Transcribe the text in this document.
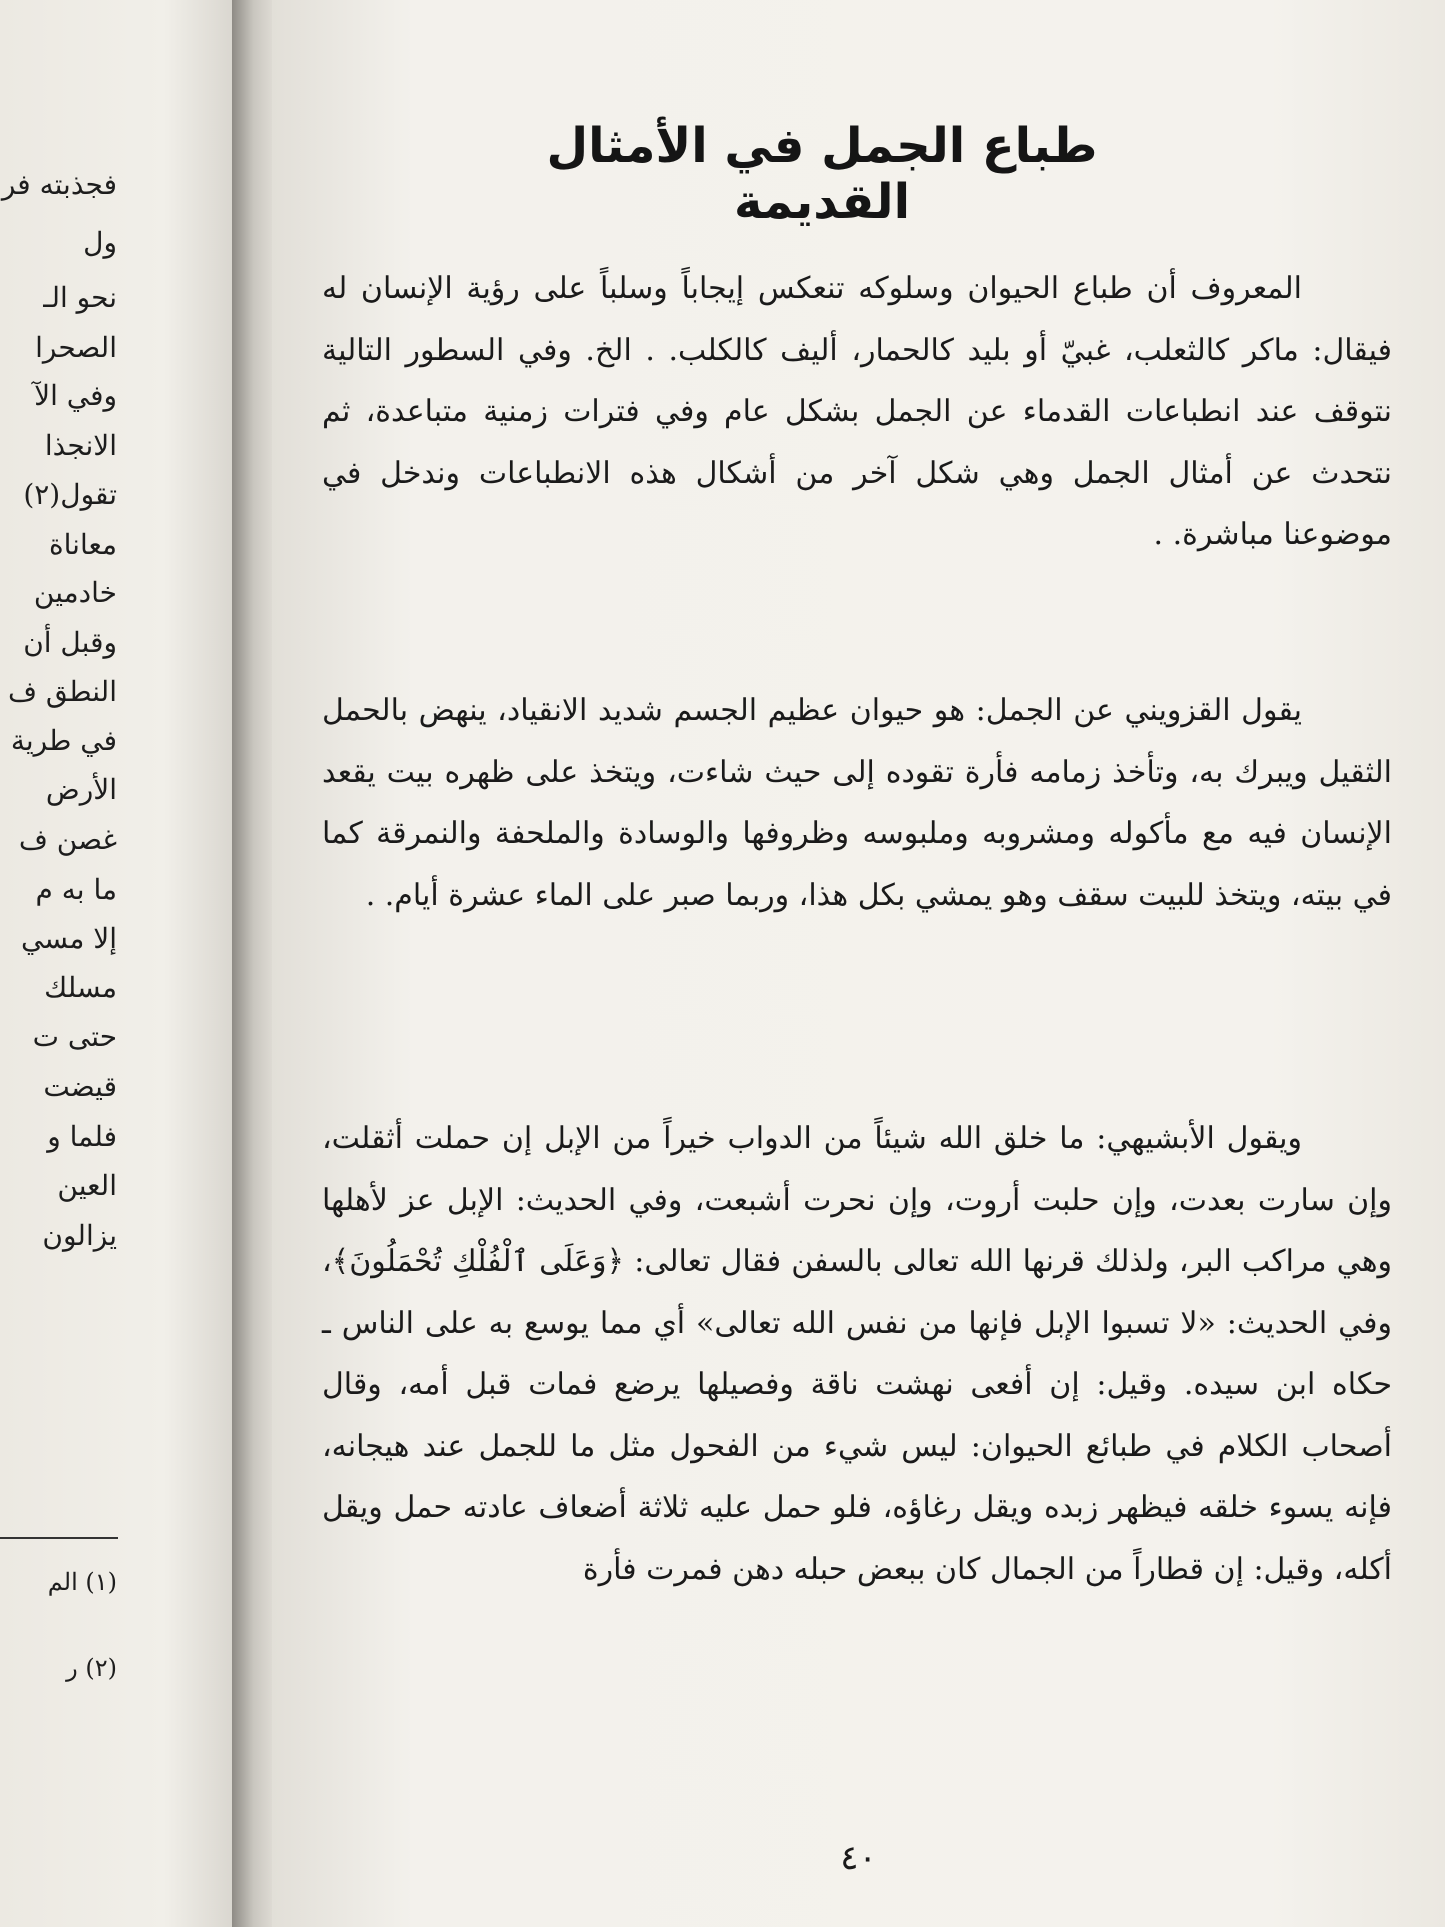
فجذبته فر
ول
نحو الـ
الصحرا
وفي الآ
الانجذا
تقول(٢)
معاناة
خادمين
وقبل أن
النطق ف
في طرية
الأرض
غصن ف
ما به م
إلا مسي
مسلك
حتى ت
قيضت
فلما و
العين
يزالون
(١) الم
(٢) ر
طباع الجمل في الأمثال القديمة

المعروف أن طباع الحيوان وسلوكه تنعكس إيجاباً وسلباً على رؤية الإنسان له فيقال: ماكر كالثعلب، غبيّ أو بليد كالحمار، أليف كالكلب. . الخ. وفي السطور التالية نتوقف عند انطباعات القدماء عن الجمل بشكل عام وفي فترات زمنية متباعدة، ثم نتحدث عن أمثال الجمل وهي شكل آخر من أشكال هذه الانطباعات وندخل في موضوعنا مباشرة. .

يقول القزويني عن الجمل: هو حيوان عظيم الجسم شديد الانقياد، ينهض بالحمل الثقيل ويبرك به، وتأخذ زمامه فأرة تقوده إلى حيث شاءت، ويتخذ على ظهره بيت يقعد الإنسان فيه مع مأكوله ومشروبه وملبوسه وظروفها والوسادة والملحفة والنمرقة كما في بيته، ويتخذ للبيت سقف وهو يمشي بكل هذا، وربما صبر على الماء عشرة أيام. .

ويقول الأبشيهي: ما خلق الله شيئاً من الدواب خيراً من الإبل إن حملت أثقلت، وإن سارت بعدت، وإن حلبت أروت، وإن نحرت أشبعت، وفي الحديث: الإبل عز لأهلها وهي مراكب البر، ولذلك قرنها الله تعالى بالسفن فقال تعالى: ﴿وَعَلَى ٱلْفُلْكِ تُحْمَلُونَ﴾، وفي الحديث: «لا تسبوا الإبل فإنها من نفس الله تعالى» أي مما يوسع به على الناس ـ حكاه ابن سيده. وقيل: إن أفعى نهشت ناقة وفصيلها يرضع فمات قبل أمه، وقال أصحاب الكلام في طبائع الحيوان: ليس شيء من الفحول مثل ما للجمل عند هيجانه، فإنه يسوء خلقه فيظهر زبده ويقل رغاؤه، فلو حمل عليه ثلاثة أضعاف عادته حمل ويقل أكله، وقيل: إن قطاراً من الجمال كان ببعض حبله دهن فمرت فأرة

٤٠
